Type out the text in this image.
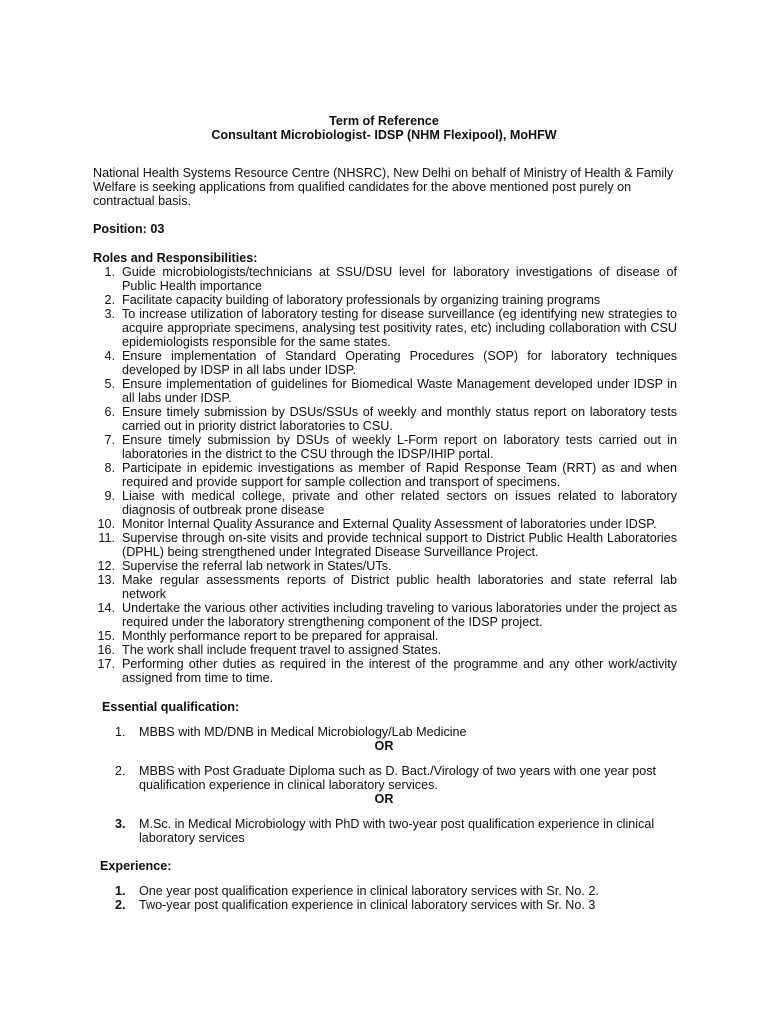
Term of Reference
Consultant Microbiologist- IDSP (NHM Flexipool), MoHFW
National Health Systems Resource Centre (NHSRC), New Delhi on behalf of Ministry of Health & Family Welfare is seeking applications from qualified candidates for the above mentioned post purely on contractual basis.
Position: 03
Roles and Responsibilities:
1. Guide microbiologists/technicians at SSU/DSU level for laboratory investigations of disease of Public Health importance
2. Facilitate capacity building of laboratory professionals by organizing training programs
3. To increase utilization of laboratory testing for disease surveillance (eg identifying new strategies to acquire appropriate specimens, analysing test positivity rates, etc) including collaboration with CSU epidemiologists responsible for the same states.
4. Ensure implementation of Standard Operating Procedures (SOP) for laboratory techniques developed by IDSP in all labs under IDSP.
5. Ensure implementation of guidelines for Biomedical Waste Management developed under IDSP in all labs under IDSP.
6. Ensure timely submission by DSUs/SSUs of weekly and monthly status report on laboratory tests carried out in priority district laboratories to CSU.
7. Ensure timely submission by DSUs of weekly L-Form report on laboratory tests carried out in laboratories in the district to the CSU through the IDSP/IHIP portal.
8. Participate in epidemic investigations as member of Rapid Response Team (RRT) as and when required and provide support for sample collection and transport of specimens.
9. Liaise with medical college, private and other related sectors on issues related to laboratory diagnosis of outbreak prone disease
10. Monitor Internal Quality Assurance and External Quality Assessment of laboratories under IDSP.
11. Supervise through on-site visits and provide technical support to District Public Health Laboratories (DPHL) being strengthened under Integrated Disease Surveillance Project.
12. Supervise the referral lab network in States/UTs.
13. Make regular assessments reports of District public health laboratories and state referral lab network
14. Undertake the various other activities including traveling to various laboratories under the project as required under the laboratory strengthening component of the IDSP project.
15. Monthly performance report to be prepared for appraisal.
16. The work shall include frequent travel to assigned States.
17. Performing other duties as required in the interest of the programme and any other work/activity assigned from time to time.
Essential qualification:
1. MBBS with MD/DNB in Medical Microbiology/Lab Medicine
OR
2. MBBS with Post Graduate Diploma such as D. Bact./Virology of two years with one year post qualification experience in clinical laboratory services.
OR
3. M.Sc. in Medical Microbiology with PhD with two-year post qualification experience in clinical laboratory services
Experience:
1.	One year post qualification experience in clinical laboratory services with Sr. No. 2.
2.	Two-year post qualification experience in clinical laboratory services with Sr. No. 3
